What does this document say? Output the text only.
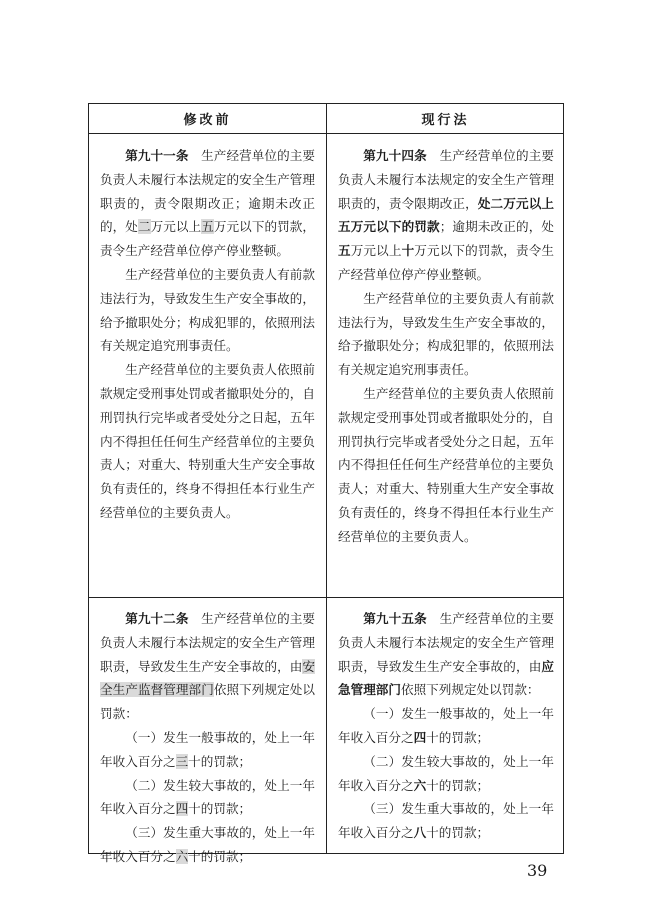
修改前	现行法

第九十一条　生产经营单位的主要负责人未履行本法规定的安全生产管理职责的，责令限期改正；逾期未改正的，处二万元以上五万元以下的罚款，责令生产经营单位停产停业整顿。

生产经营单位的主要负责人有前款违法行为，导致发生生产安全事故的，给予撤职处分；构成犯罪的，依照刑法有关规定追究刑事责任。

生产经营单位的主要负责人依照前款规定受刑事处罚或者撤职处分的，自刑罚执行完毕或者受处分之日起，五年内不得担任任何生产经营单位的主要负责人；对重大、特别重大生产安全事故负有责任的，终身不得担任本行业生产经营单位的主要负责人。

第九十四条　生产经营单位的主要负责人未履行本法规定的安全生产管理职责的，责令限期改正，处二万元以上五万元以下的罚款；逾期未改正的，处五万元以上十万元以下的罚款，责令生产经营单位停产停业整顿。

生产经营单位的主要负责人有前款违法行为，导致发生生产安全事故的，给予撤职处分；构成犯罪的，依照刑法有关规定追究刑事责任。

生产经营单位的主要负责人依照前款规定受刑事处罚或者撤职处分的，自刑罚执行完毕或者受处分之日起，五年内不得担任任何生产经营单位的主要负责人；对重大、特别重大生产安全事故负有责任的，终身不得担任本行业生产经营单位的主要负责人。

第九十二条　生产经营单位的主要负责人未履行本法规定的安全生产管理职责，导致发生生产安全事故的，由安全生产监督管理部门依照下列规定处以罚款：

（一）发生一般事故的，处上一年年收入百分之三十的罚款；

（二）发生较大事故的，处上一年年收入百分之四十的罚款；

（三）发生重大事故的，处上一年年收入百分之六十的罚款；

第九十五条　生产经营单位的主要负责人未履行本法规定的安全生产管理职责，导致发生生产安全事故的，由应急管理部门依照下列规定处以罚款：

（一）发生一般事故的，处上一年年收入百分之四十的罚款；

（二）发生较大事故的，处上一年年收入百分之六十的罚款；

（三）发生重大事故的，处上一年年收入百分之八十的罚款；

39
